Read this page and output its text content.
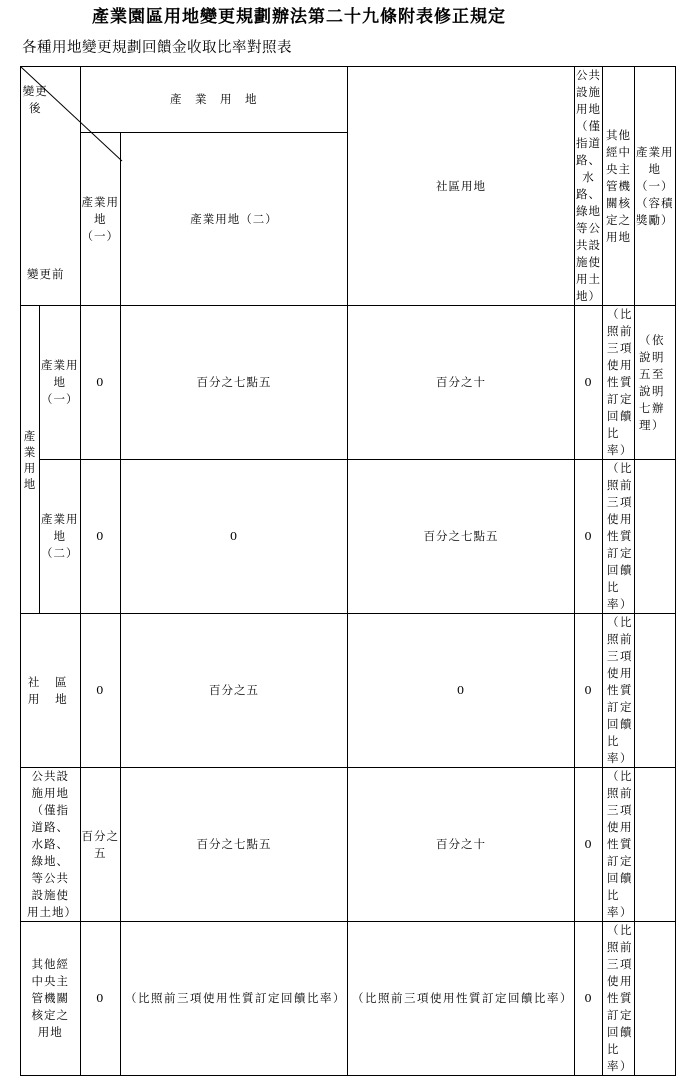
產業園區用地變更規劃辦法第二十九條附表修正規定
各種用地變更規劃回饋金收取比率對照表
變更後
變更前		產　業　用　地		社區用地	公共設施用地（僅指道路、水路、綠地等公共設施使用土地）	其他經中央主管機關核定之用地	產業用地（一）（容積獎勵）
		產業用地（一）	產業用地（二）				

產業用地	產業用地（一）	0	百分之七點五	百分之十	0	（比照前三項使用性質訂定回饋比率）	（依說明五至說明七辦理）
	產業用地（二）	0	0	百分之七點五	0	（比照前三項使用性質訂定回饋比率）	
社 區 用 地		0	百分之五	0	0	（比照前三項使用性質訂定回饋比率）	
公共設施用地（僅指道路、水路、綠地、等公共設施使用土地）		百分之五	百分之七點五	百分之十	0	（比照前三項使用性質訂定回饋比率）	
其他經中央主管機關核定之用地		0	（比照前三項使用性質訂定回饋比率）	（比照前三項使用性質訂定回饋比率）	0	（比照前三項使用性質訂定回饋比率）	
